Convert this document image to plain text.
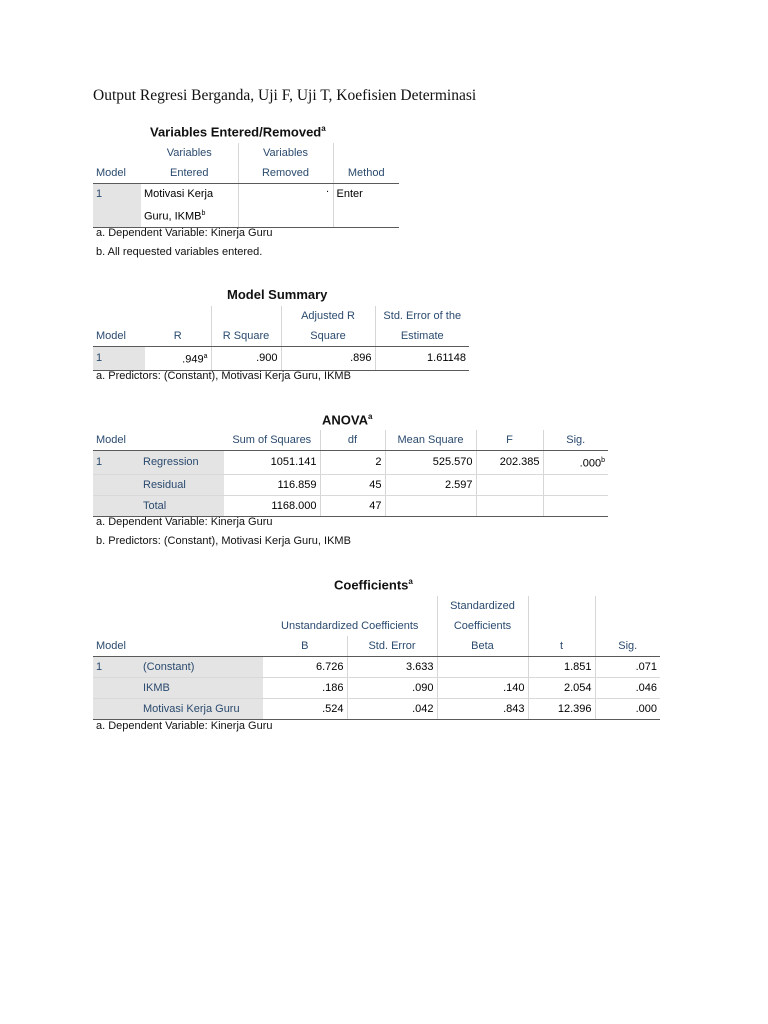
Output Regresi Berganda, Uji F, Uji T, Koefisien Determinasi
Variables Entered/Removed$^a$
	Variables	Variables	
Model	Entered	Removed	Method
1	Motivasi Kerja		Enter
	Guru, IKMB$^b$		
.
a. Dependent Variable: Kinerja Guru
b. All requested variables entered.
Model Summary
			Adjusted R	Std. Error of the
Model	R	R Square	Square	Estimate
1	.949$^a$	.900	.896	1.61148
a. Predictors: (Constant), Motivasi Kerja Guru, IKMB
ANOVA$^a$
Model		Sum of Squares	df	Mean Square	F	Sig.
1	Regression	1051.141	2	525.570	202.385	.000$^b$
	Residual	116.859	45	2.597		
	Total	1168.000	47			
a. Dependent Variable: Kinerja Guru
b. Predictors: (Constant), Motivasi Kerja Guru, IKMB
Coefficients$^a$
				Standardized		
		Unstandardized Coefficients		Coefficients		
Model		B	Std. Error	Beta	t	Sig.
1	(Constant)	6.726	3.633		1.851	.071
	IKMB	.186	.090	.140	2.054	.046
	Motivasi Kerja Guru	.524	.042	.843	12.396	.000
a. Dependent Variable: Kinerja Guru
